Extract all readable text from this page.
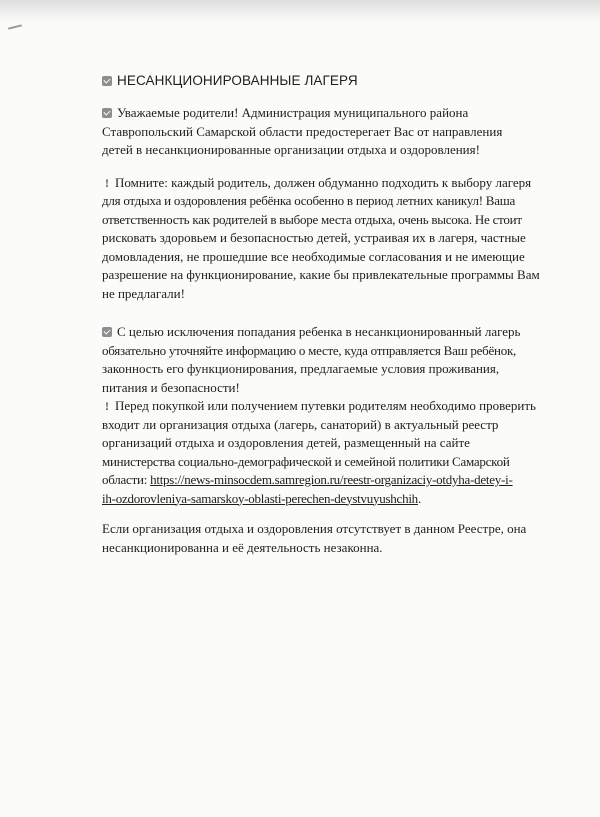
НЕСАНКЦИОНИРОВАННЫЕ ЛАГЕРЯ
Уважаемые родители! Администрация муниципального района
Ставропольский Самарской области предостерегает Вас от направления
детей в несанкционированные организации отдыха и оздоровления!
! Помните: каждый родитель, должен обдуманно подходить к выбору лагеря
для отдыха и оздоровления ребёнка особенно в период летних каникул! Ваша
ответственность как родителей в выборе места отдыха, очень высока. Не стоит
рисковать здоровьем и безопасностью детей, устраивая их в лагеря, частные
домовладения, не прошедшие все необходимые согласования и не имеющие
разрешение на функционирование, какие бы привлекательные программы Вам
не предлагали!
С целью исключения попадания ребенка в несанкционированный лагерь
обязательно уточняйте информацию о месте, куда отправляется Ваш ребёнок,
законность его функционирования, предлагаемые условия проживания,
питания и безопасности!
! Перед покупкой или получением путевки родителям необходимо проверить
входит ли организация отдыха (лагерь, санаторий) в актуальный реестр
организаций отдыха и оздоровления детей, размещенный на сайте
министерства социально-демографической и семейной политики Самарской
области: https://news-minsocdem.samregion.ru/reestr-organizaciy-otdyha-detey-i-
ih-ozdorovleniya-samarskoy-oblasti-perechen-deystvuyushchih.
Если организация отдыха и оздоровления отсутствует в данном Реестре, она
несанкционированна и её деятельность незаконна.
